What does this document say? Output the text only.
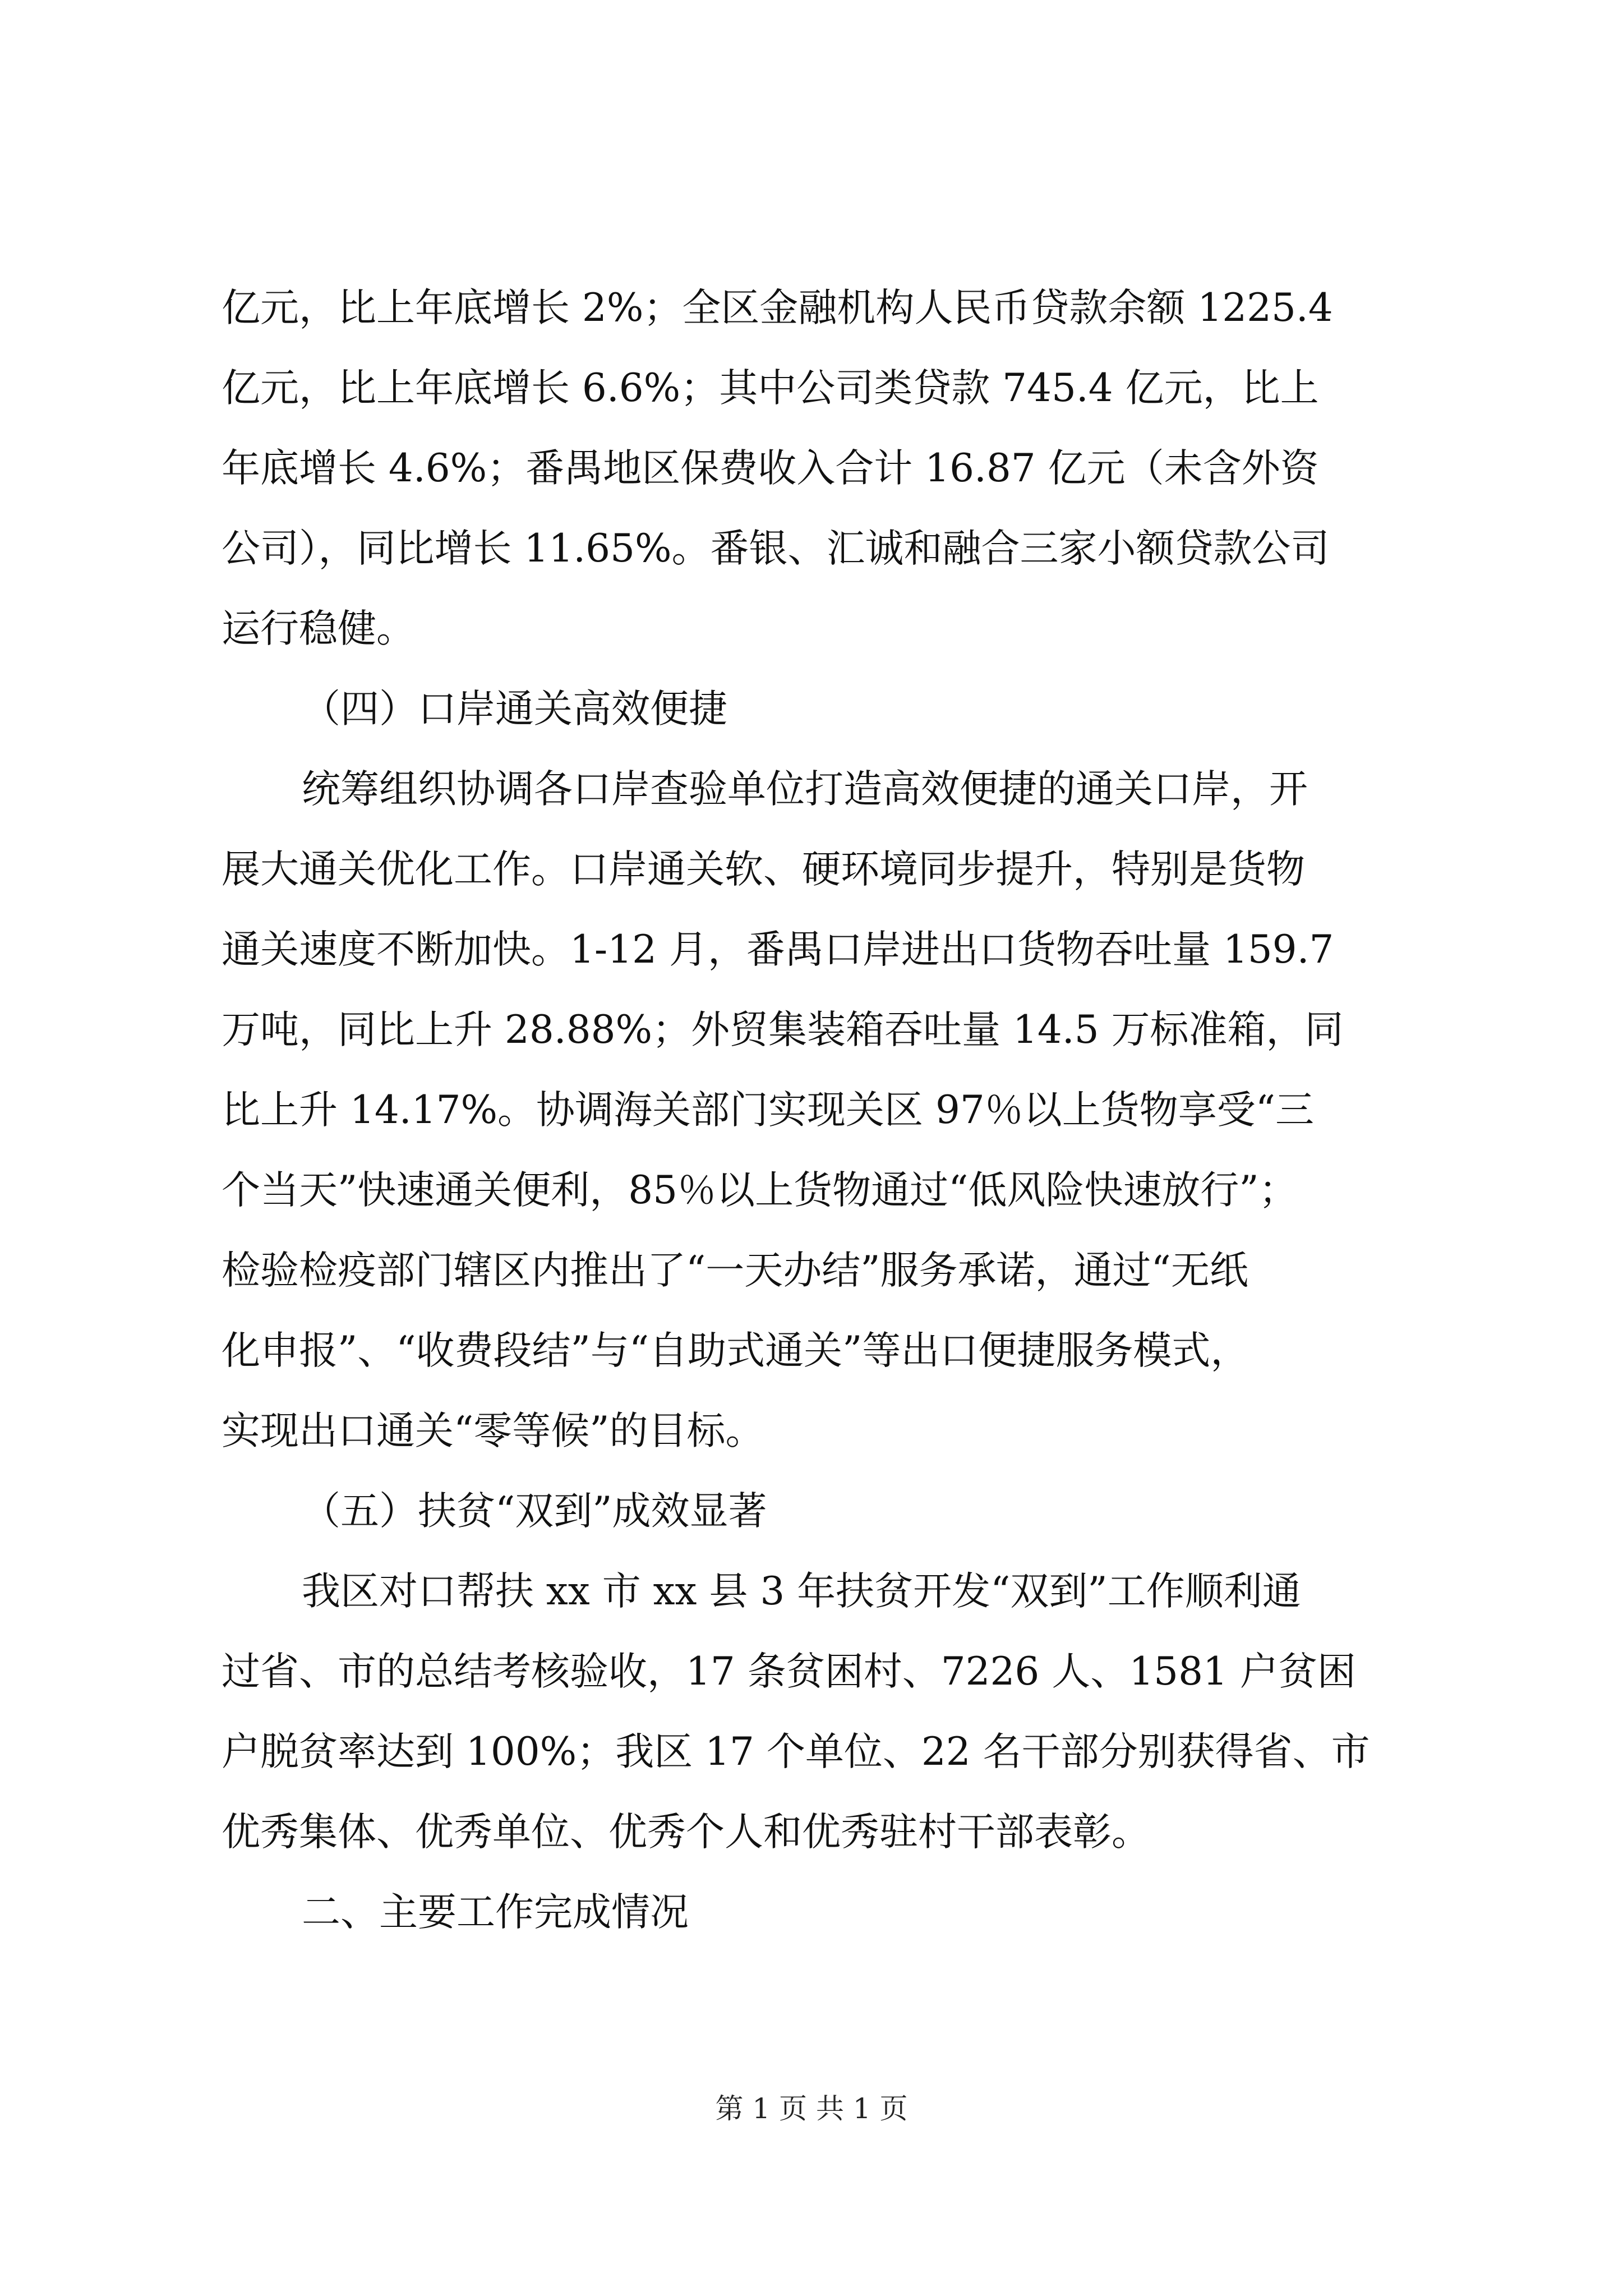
亿元，比上年底增长 2%；全区金融机构人民币贷款余额 1225.4
亿元，比上年底增长 6.6%；其中公司类贷款 745.4 亿元，比上
年底增长 4.6%；番禺地区保费收入合计 16.87 亿元（未含外资
公司），同比增长 11.65%。番银、汇诚和融合三家小额贷款公司
运行稳健。
（四）口岸通关高效便捷
统筹组织协调各口岸查验单位打造高效便捷的通关口岸，开
展大通关优化工作。口岸通关软、硬环境同步提升，特别是货物
通关速度不断加快。1-12 月，番禺口岸进出口货物吞吐量 159.7
万吨，同比上升 28.88%；外贸集装箱吞吐量 14.5 万标准箱，同
比上升 14.17%。协调海关部门实现关区 97％以上货物享受“三
个当天”快速通关便利，85％以上货物通过“低风险快速放行”；
检验检疫部门辖区内推出了“一天办结”服务承诺，通过“无纸
化申报”、“收费段结”与“自助式通关”等出口便捷服务模式，
实现出口通关“零等候”的目标。
（五）扶贫“双到”成效显著
我区对口帮扶 xx 市 xx 县 3 年扶贫开发“双到”工作顺利通
过省、市的总结考核验收，17 条贫困村、7226 人、1581 户贫困
户脱贫率达到 100%；我区 17 个单位、22 名干部分别获得省、市
优秀集体、优秀单位、优秀个人和优秀驻村干部表彰。
二、主要工作完成情况
第 1 页 共 1 页
